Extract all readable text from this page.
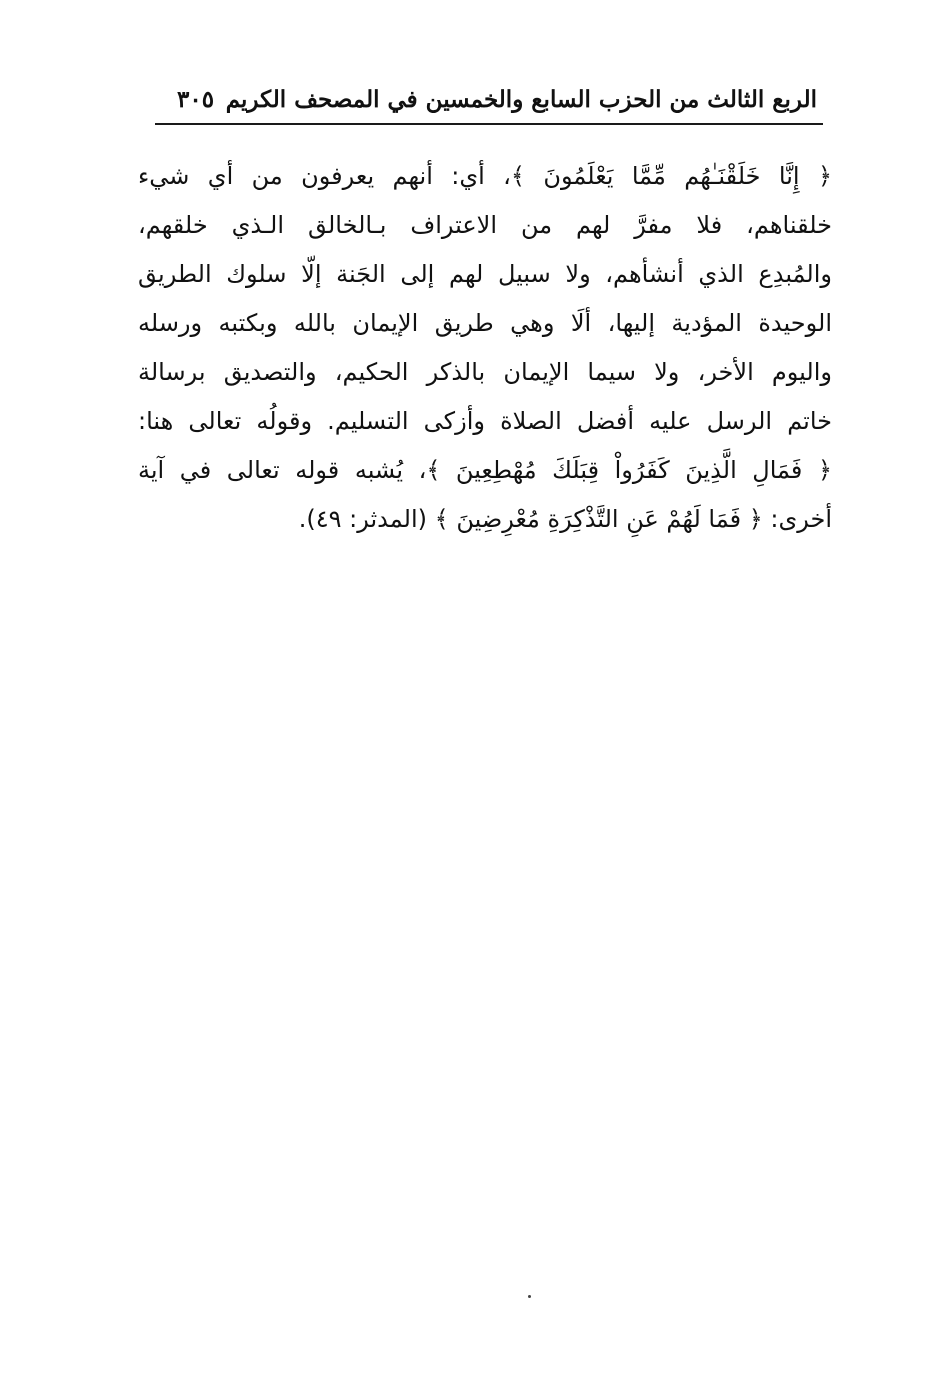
الربع الثالث من الحزب السابع والخمسين في المصحف الكريم
٣٠٥
﴿ إِنَّا خَلَقْنَـٰهُم مِّمَّا يَعْلَمُونَ ﴾، أي: أنهم يعرفون من أي شيء
خلقناهم، فلا مفرَّ لهم من الاعتراف بـالخالق الـذي خلقهم،
والمُبدِع الذي أنشأهم، ولا سبيل لهم إلى الجَنة إلّا سلوك الطريق
الوحيدة المؤدية إليها، ألَا وهي طريق الإيمان بالله وبكتبه ورسله
واليوم الأخر، ولا سيما الإيمان بالذكر الحكيم، والتصديق برسالة
خاتم الرسل عليه أفضل الصلاة وأزكى التسليم. وقولُه تعالى هنا:
﴿ فَمَالِ الَّذِينَ كَفَرُواْ قِبَلَكَ مُهْطِعِينَ ﴾، يُشبه قوله تعالى في آية
أخرى: ﴿ فَمَا لَهُمْ عَنِ التَّذْكِرَةِ مُعْرِضِينَ ﴾ (المدثر: ٤٩).
